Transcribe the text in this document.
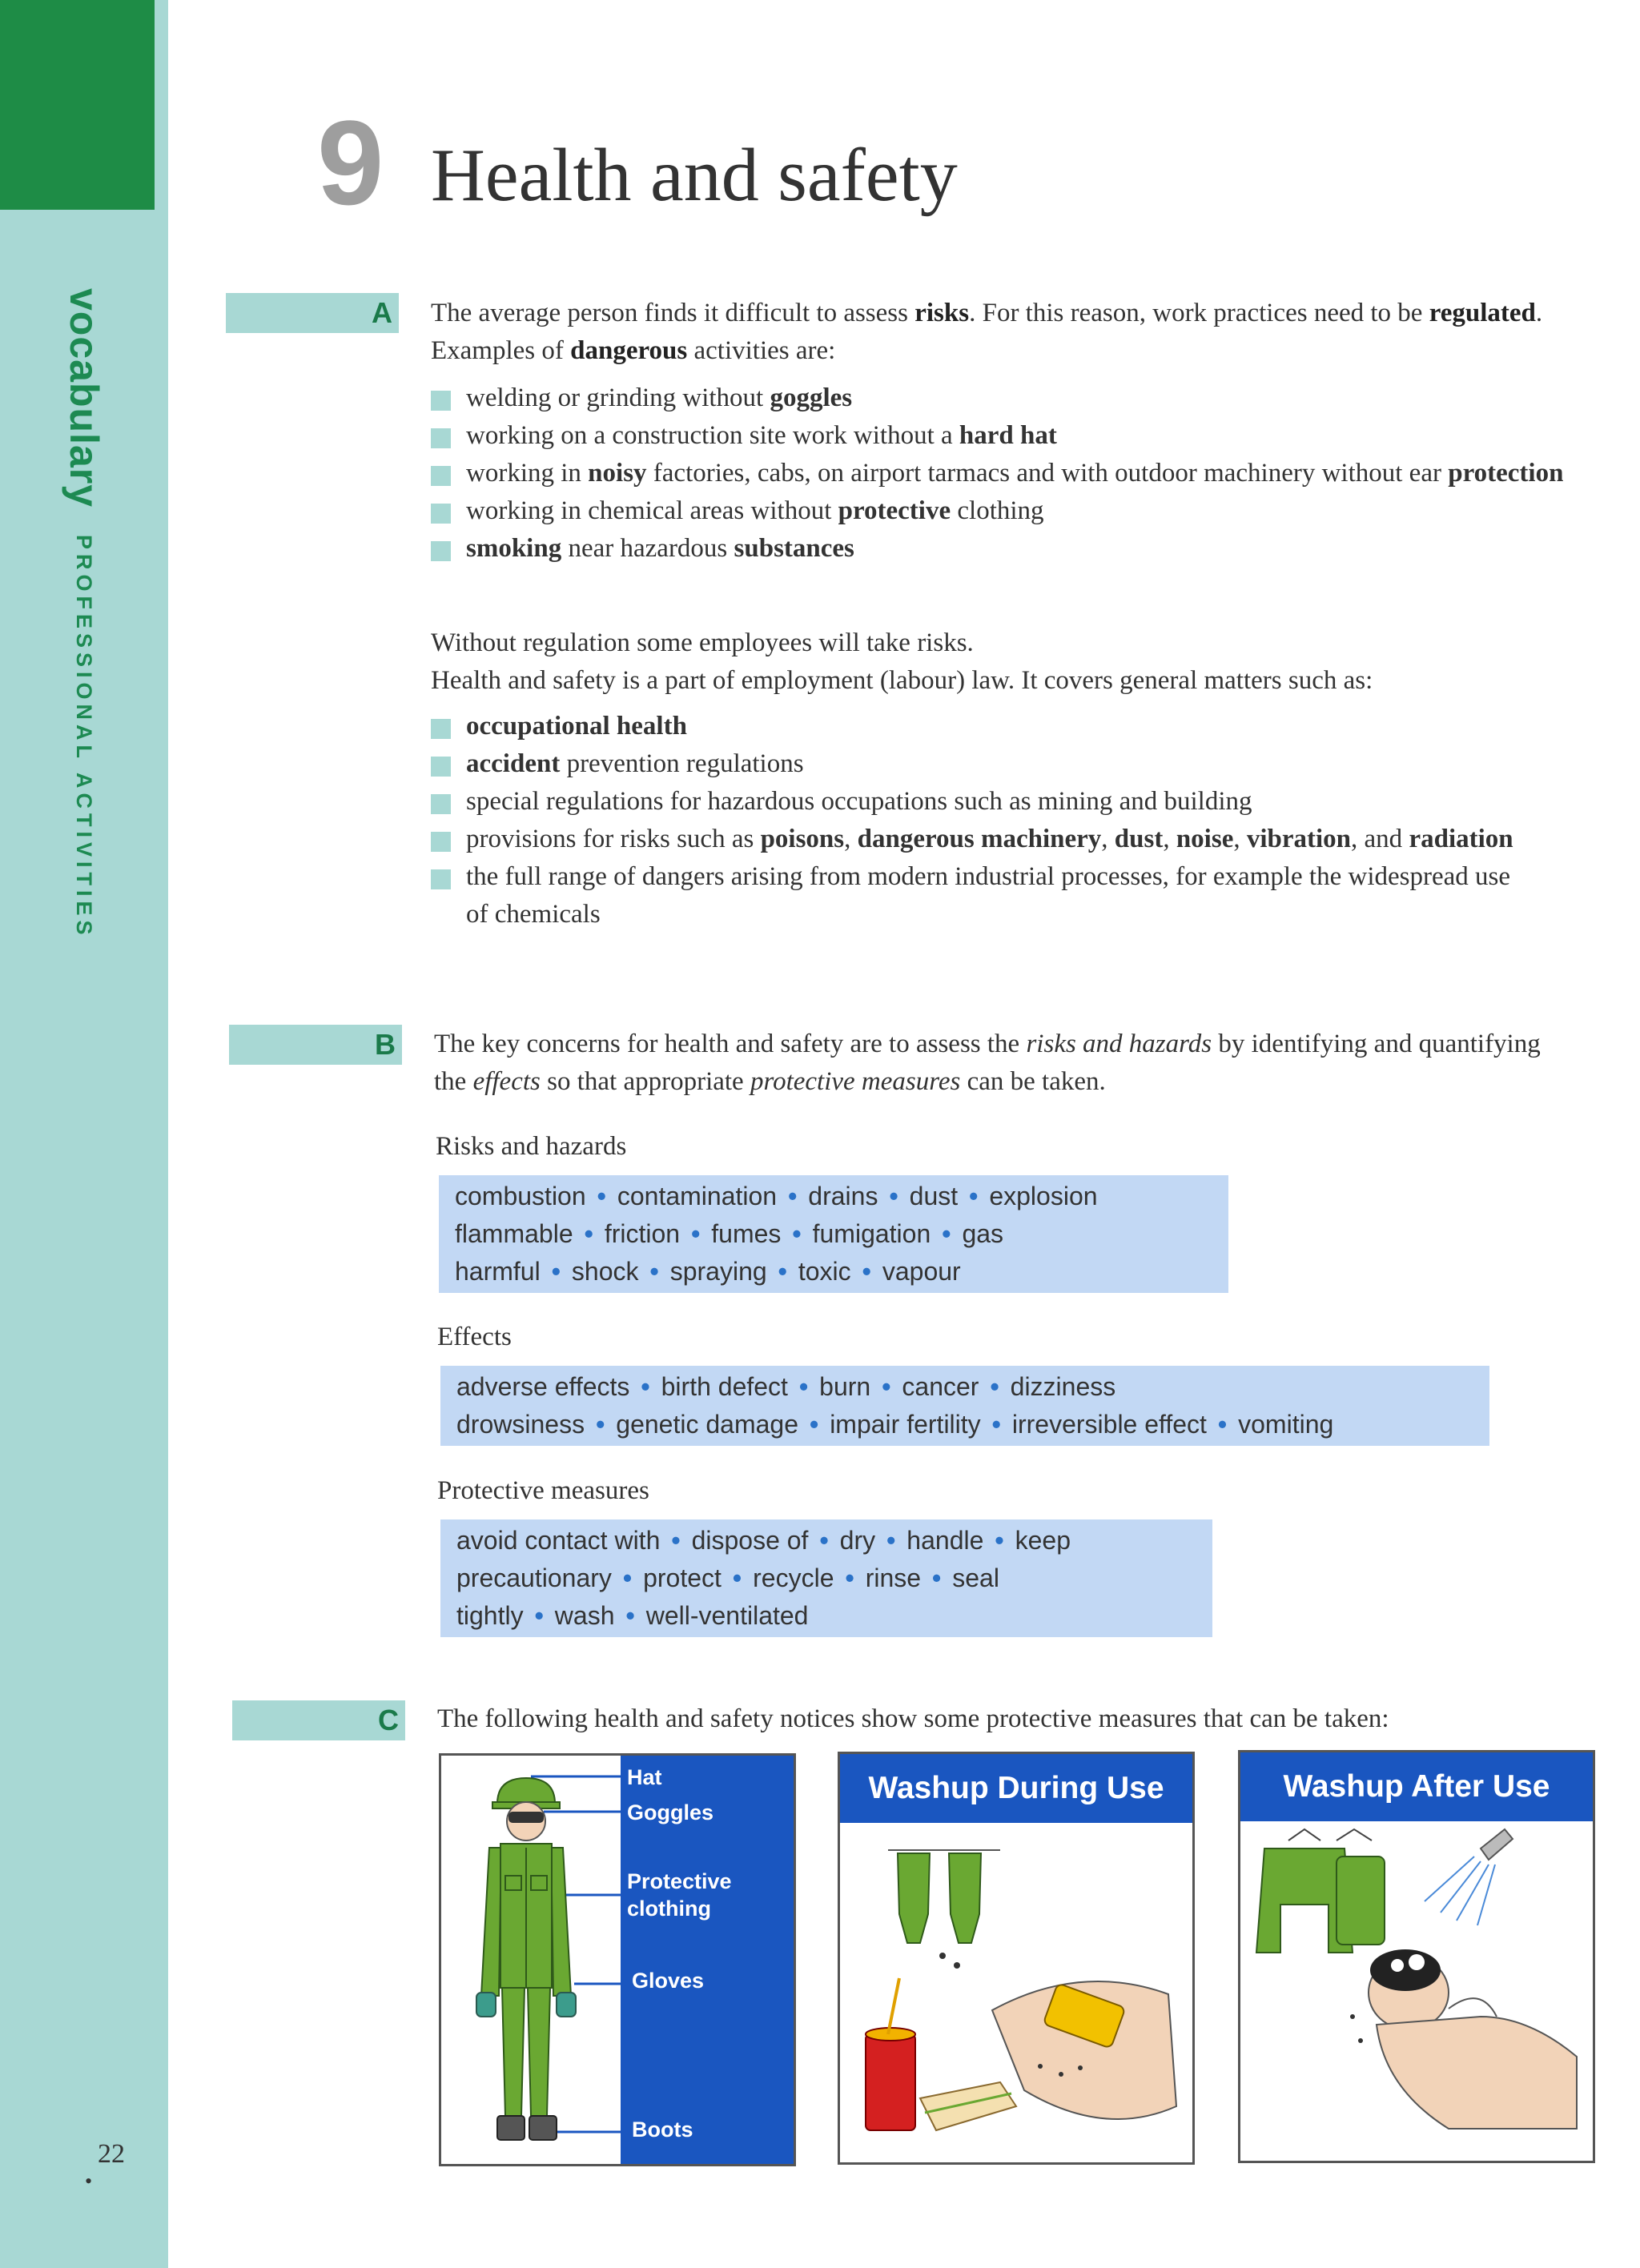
vocabulary
PROFESSIONAL ACTIVITIES
22
•
9 Health and safety
A The average person finds it difficult to assess risks. For this reason, work practices need to be regulated. Examples of dangerous activities are:
welding or grinding without goggles
working on a construction site work without a hard hat
working in noisy factories, cabs, on airport tarmacs and with outdoor machinery without ear protection
working in chemical areas without protective clothing
smoking near hazardous substances
Without regulation some employees will take risks.
Health and safety is a part of employment (labour) law. It covers general matters such as:
occupational health
accident prevention regulations
special regulations for hazardous occupations such as mining and building
provisions for risks such as poisons, dangerous machinery, dust, noise, vibration, and radiation
the full range of dangers arising from modern industrial processes, for example the widespread use of chemicals
B The key concerns for health and safety are to assess the risks and hazards by identifying and quantifying the effects so that appropriate protective measures can be taken.
Risks and hazards
combustion • contamination • drains • dust • explosion
flammable • friction • fumes • fumigation • gas
harmful • shock • spraying • toxic • vapour
Effects
adverse effects • birth defect • burn • cancer • dizziness
drowsiness • genetic damage • impair fertility • irreversible effect • vomiting
Protective measures
avoid contact with • dispose of • dry • handle • keep
precautionary • protect • recycle • rinse • seal
tightly • wash • well-ventilated
C The following health and safety notices show some protective measures that can be taken:
Hat
Goggles
Protective
clothing
Gloves
Boots
Washup During Use	Washup After Use
